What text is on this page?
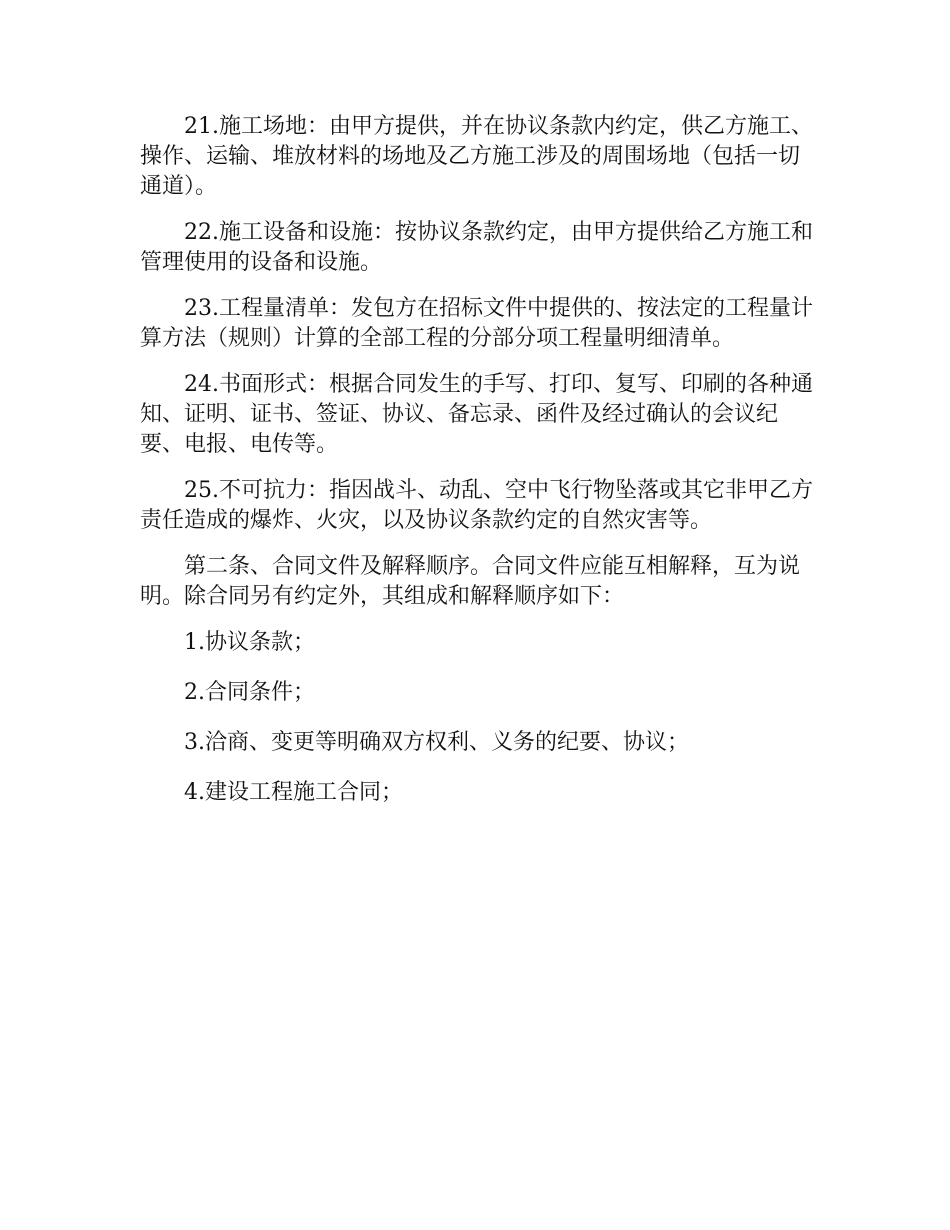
21.施工场地：由甲方提供，并在协议条款内约定，供乙方施工、操作、运输、堆放材料的场地及乙方施工涉及的周围场地（包括一切通道）。

22.施工设备和设施：按协议条款约定，由甲方提供给乙方施工和管理使用的设备和设施。

23.工程量清单：发包方在招标文件中提供的、按法定的工程量计算方法（规则）计算的全部工程的分部分项工程量明细清单。

24.书面形式：根据合同发生的手写、打印、复写、印刷的各种通知、证明、证书、签证、协议、备忘录、函件及经过确认的会议纪要、电报、电传等。

25.不可抗力：指因战斗、动乱、空中飞行物坠落或其它非甲乙方责任造成的爆炸、火灾，以及协议条款约定的自然灾害等。

第二条、合同文件及解释顺序。合同文件应能互相解释，互为说明。除合同另有约定外，其组成和解释顺序如下：

1.协议条款；

2.合同条件；

3.洽商、变更等明确双方权利、义务的纪要、协议；

4.建设工程施工合同；
